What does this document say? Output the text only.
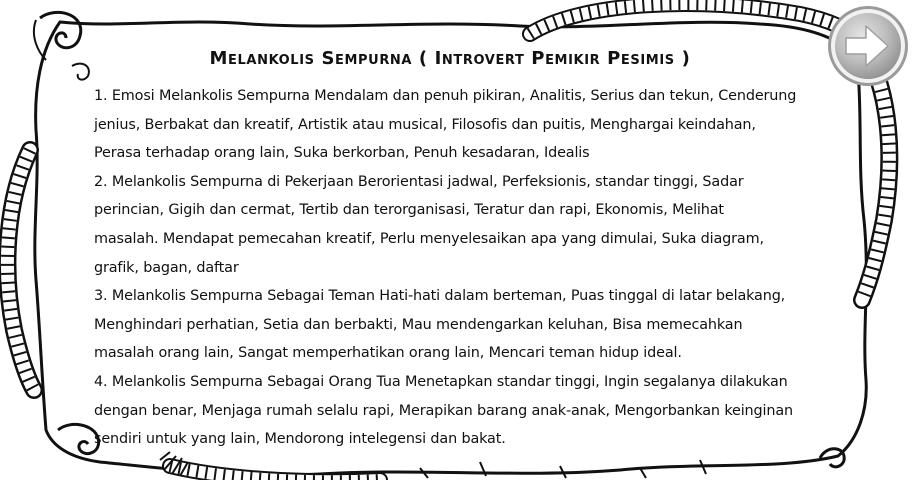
Melankolis Sempurna ( Introvert Pemikir Pesimis )
1. Emosi Melankolis Sempurna Mendalam dan penuh pikiran, Analitis, Serius dan tekun, Cenderung
jenius, Berbakat dan kreatif, Artistik atau musical, Filosofis dan puitis, Menghargai keindahan,
Perasa terhadap orang lain, Suka berkorban, Penuh kesadaran, Idealis
2. Melankolis Sempurna di Pekerjaan Berorientasi jadwal, Perfeksionis, standar tinggi, Sadar
perincian, Gigih dan cermat, Tertib dan terorganisasi, Teratur dan rapi, Ekonomis, Melihat
masalah. Mendapat pemecahan kreatif, Perlu menyelesaikan apa yang dimulai, Suka diagram,
grafik, bagan, daftar
3. Melankolis Sempurna Sebagai Teman Hati-hati dalam berteman, Puas tinggal di latar belakang,
Menghindari perhatian, Setia dan berbakti, Mau mendengarkan keluhan, Bisa memecahkan
masalah orang lain, Sangat memperhatikan orang lain, Mencari teman hidup ideal.
4. Melankolis Sempurna Sebagai Orang Tua Menetapkan standar tinggi, Ingin segalanya dilakukan
dengan benar, Menjaga rumah selalu rapi, Merapikan barang anak-anak, Mengorbankan keinginan
sendiri untuk yang lain, Mendorong intelegensi dan bakat.
